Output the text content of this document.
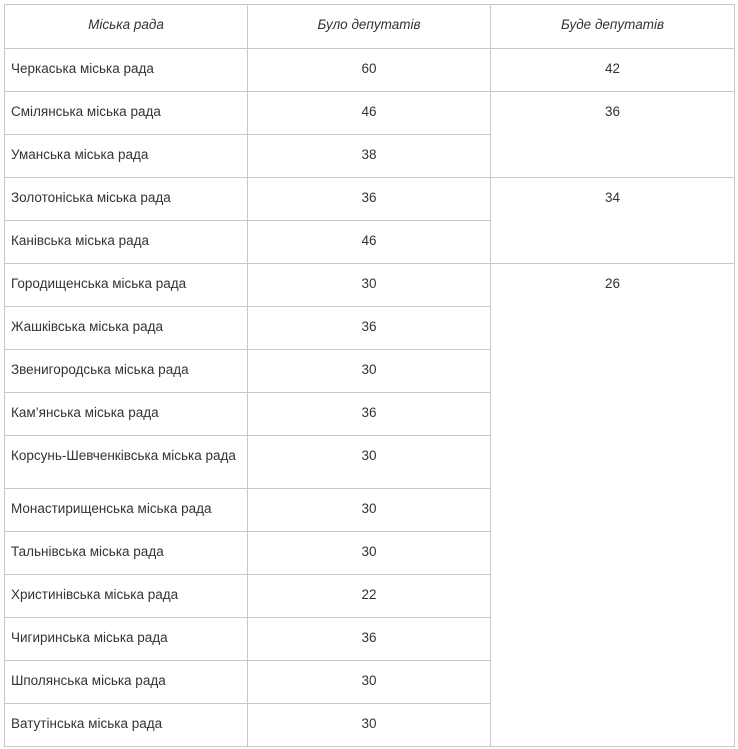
Міська рада	Було депутатів	Буде депутатів
Черкаська міська рада	60	42
Смілянська міська рада	46	36
Уманська міська рада	38	
Золотоніська міська рада	36	34
Канівська міська рада	46	
Городищенська міська рада	30	26
Жашківська міська рада	36	
Звенигородська міська рада	30	
Кам’янська міська рада	36	
Корсунь-Шевченківська міська рада	30	
Монастирищенська міська рада	30	
Тальнівська міська рада	30	
Христинівська міська рада	22	
Чигиринська міська рада	36	
Шполянська міська рада	30	
Ватутінська міська рада	30	
